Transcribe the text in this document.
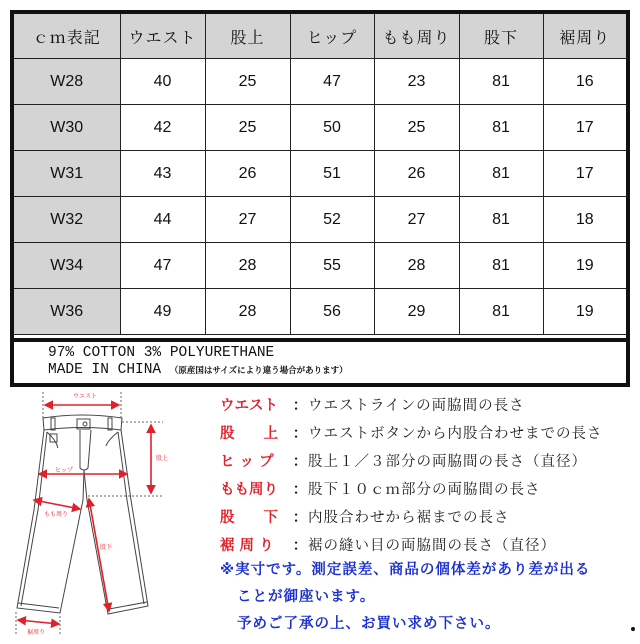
ｃｍ表記	ウエスト	股上	ヒップ	もも周り	股下	裾周り
W28	40	25	47	23	81	16
W30	42	25	50	25	81	17
W31	43	26	51	26	81	17
W32	44	27	52	27	81	18
W34	47	28	55	28	81	19
W36	49	28	56	29	81	19
97% COTTON 3% POLYURETHANE
MADE IN CHINA （原産国はサイズにより違う場合があります）
ウエスト
股上
ヒップ
もも周り
股下
裾周り
ウエスト	： ウエストラインの両脇間の長さ
股　　上	： ウエストボタンから内股合わせまでの長さ
ヒ ッ プ	： 股上１／３部分の両脇間の長さ（直径）
もも周り	： 股下１０ｃｍ部分の両脇間の長さ
股　　下	： 内股合わせから裾までの長さ
裾 周 り	： 裾の縫い目の両脇間の長さ（直径）
※実寸です。測定誤差、商品の個体差があり差が出る
ことが御座います。
予めご了承の上、お買い求め下さい。
